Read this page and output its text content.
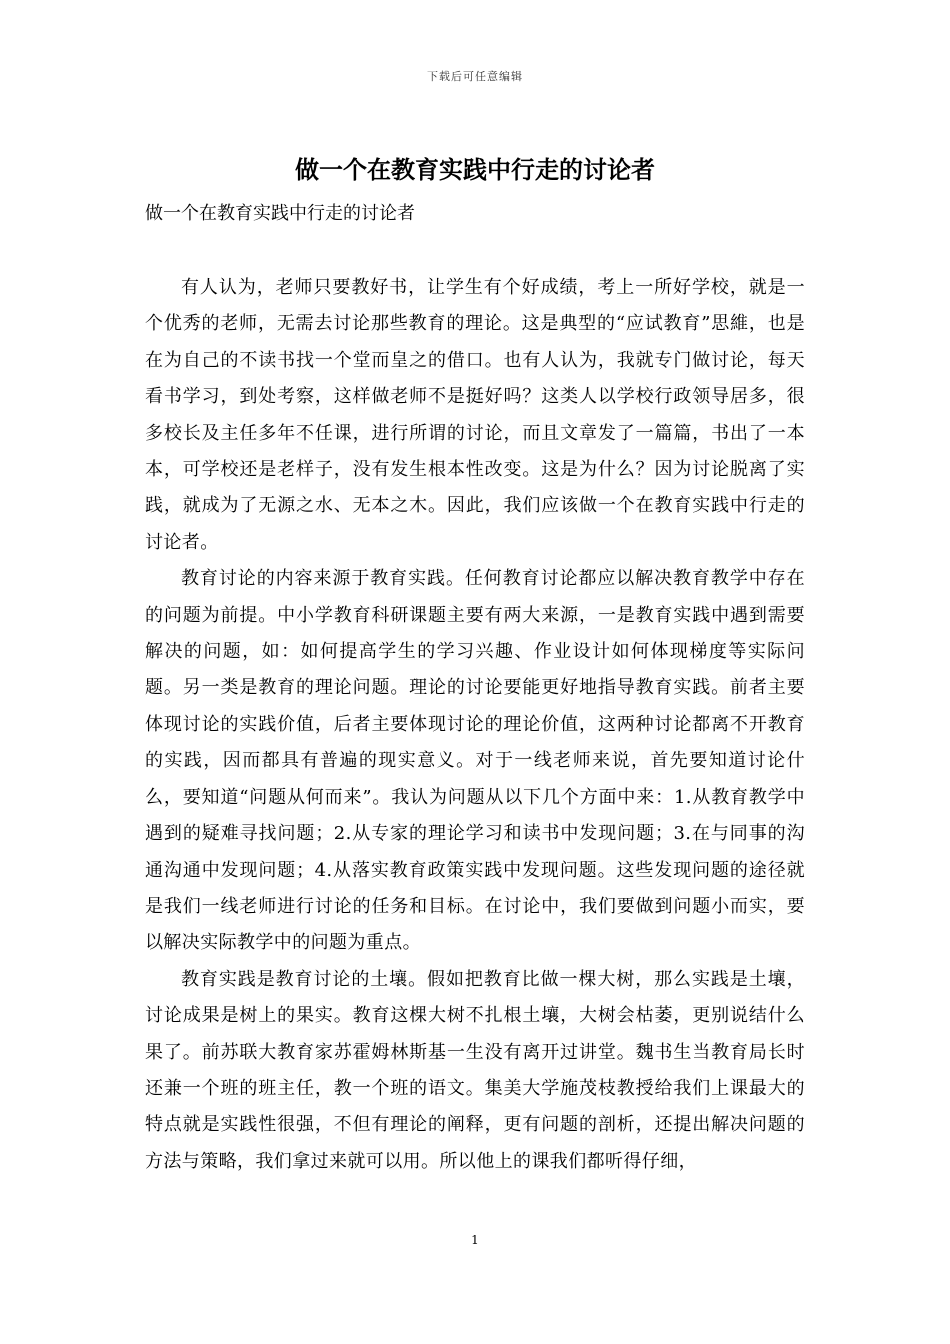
下载后可任意编辑
做一个在教育实践中行走的讨论者

做一个在教育实践中行走的讨论者

有人认为，老师只要教好书，让学生有个好成绩，考上一所好学校，就是一个优秀的老师，无需去讨论那些教育的理论。这是典型的“应试教育”思維，也是在为自己的不读书找一个堂而皇之的借口。也有人认为，我就专门做讨论，每天看书学习，到处考察，这样做老师不是挺好吗？这类人以学校行政领导居多，很多校长及主任多年不任课，进行所谓的讨论，而且文章发了一篇篇，书出了一本本，可学校还是老样子，没有发生根本性改变。这是为什么？因为讨论脱离了实践，就成为了无源之水、无本之木。因此，我们应该做一个在教育实践中行走的讨论者。

教育讨论的内容来源于教育实践。任何教育讨论都应以解决教育教学中存在的问题为前提。中小学教育科研课题主要有两大来源，一是教育实践中遇到需要解决的问题，如：如何提高学生的学习兴趣、作业设计如何体现梯度等实际问题。另一类是教育的理论问题。理论的讨论要能更好地指导教育实践。前者主要体现讨论的实践价值，后者主要体现讨论的理论价值，这两种讨论都离不开教育的实践，因而都具有普遍的现实意义。对于一线老师来说，首先要知道讨论什么，要知道“问题从何而来”。我认为问题从以下几个方面中来：1.从教育教学中遇到的疑难寻找问题；2.从专家的理论学习和读书中发现问题；3.在与同事的沟通沟通中发现问题；4.从落实教育政策实践中发现问题。这些发现问题的途径就是我们一线老师进行讨论的任务和目标。在讨论中，我们要做到问题小而实，要以解决实际教学中的问题为重点。

教育实践是教育讨论的土壤。假如把教育比做一棵大树，那么实践是土壤，讨论成果是树上的果实。教育这棵大树不扎根土壤，大树会枯萎，更别说结什么果了。前苏联大教育家苏霍姆林斯基一生没有离开过讲堂。魏书生当教育局长时还兼一个班的班主任，教一个班的语文。集美大学施茂枝教授给我们上课最大的特点就是实践性很强，不但有理论的阐释，更有问题的剖析，还提出解决问题的方法与策略，我们拿过来就可以用。所以他上的课我们都听得仔细，

1
